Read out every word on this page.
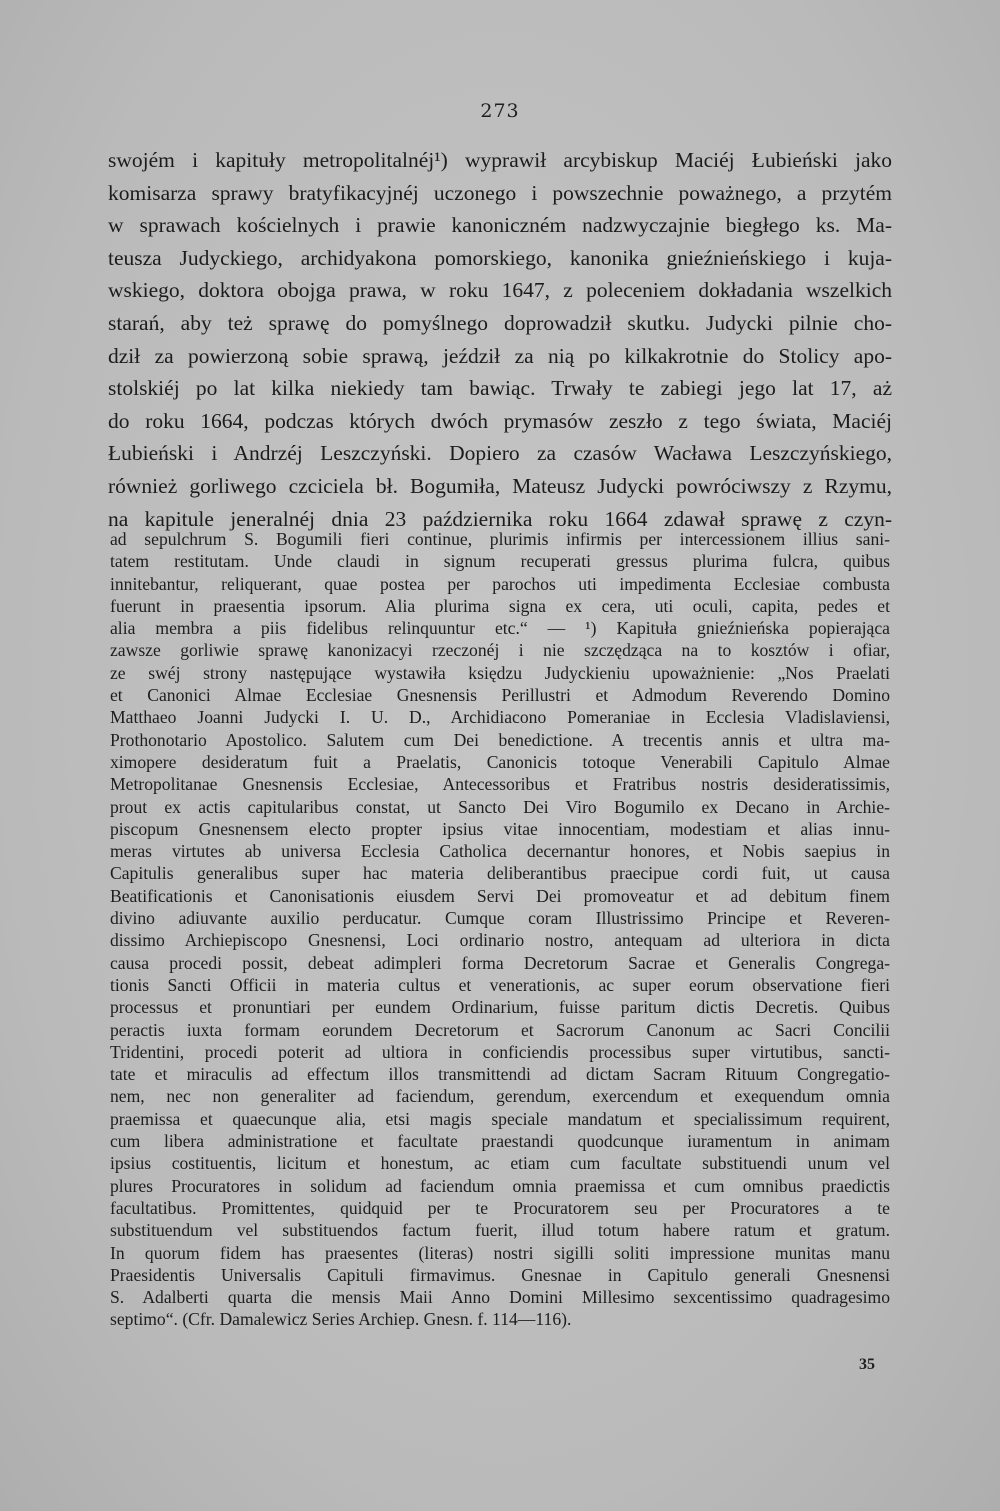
273
swojém i kapituły metropolitalnéj¹) wyprawił arcybiskup Maciéj Łubieński jako
komisarza sprawy bratyfikacyjnéj uczonego i powszechnie poważnego, a przytém
w sprawach kościelnych i prawie kanoniczném nadzwyczajnie biegłego ks. Ma-
teusza Judyckiego, archidyakona pomorskiego, kanonika gnieźnieńskiego i kuja-
wskiego, doktora obojga prawa, w roku 1647, z poleceniem dokładania wszelkich
starań, aby też sprawę do pomyślnego doprowadził skutku. Judycki pilnie cho-
dził za powierzoną sobie sprawą, jeździł za nią po kilkakrotnie do Stolicy apo-
stolskiéj po lat kilka niekiedy tam bawiąc. Trwały te zabiegi jego lat 17, aż
do roku 1664, podczas których dwóch prymasów zeszło z tego świata, Maciéj
Łubieński i Andrzéj Leszczyński. Dopiero za czasów Wacława Leszczyńskiego,
również gorliwego czciciela bł. Bogumiła, Mateusz Judycki powróciwszy z Rzymu,
na kapitule jeneralnéj dnia 23 października roku 1664 zdawał sprawę z czyn-
ad sepulchrum S. Bogumili fieri continue, plurimis infirmis per intercessionem illius sani-
tatem restitutam. Unde claudi in signum recuperati gressus plurima fulcra, quibus
innitebantur, reliquerant, quae postea per parochos uti impedimenta Ecclesiae combusta
fuerunt in praesentia ipsorum. Alia plurima signa ex cera, uti oculi, capita, pedes et
alia membra a piis fidelibus relinquuntur etc.“ — ¹) Kapituła gnieźnieńska popierająca
zawsze gorliwie sprawę kanonizacyi rzeczonéj i nie szczędząca na to kosztów i ofiar,
ze swéj strony następujące wystawiła księdzu Judyckieniu upoważnienie: „Nos Praelati
et Canonici Almae Ecclesiae Gnesnensis Perillustri et Admodum Reverendo Domino
Matthaeo Joanni Judycki I. U. D., Archidiacono Pomeraniae in Ecclesia Vladislaviensi,
Prothonotario Apostolico. Salutem cum Dei benedictione. A trecentis annis et ultra ma-
ximopere desideratum fuit a Praelatis, Canonicis totoque Venerabili Capitulo Almae
Metropolitanae Gnesnensis Ecclesiae, Antecessoribus et Fratribus nostris desideratissimis,
prout ex actis capitularibus constat, ut Sancto Dei Viro Bogumilo ex Decano in Archie-
piscopum Gnesnensem electo propter ipsius vitae innocentiam, modestiam et alias innu-
meras virtutes ab universa Ecclesia Catholica decernantur honores, et Nobis saepius in
Capitulis generalibus super hac materia deliberantibus praecipue cordi fuit, ut causa
Beatificationis et Canonisationis eiusdem Servi Dei promoveatur et ad debitum finem
divino adiuvante auxilio perducatur. Cumque coram Illustrissimo Principe et Reveren-
dissimo Archiepiscopo Gnesnensi, Loci ordinario nostro, antequam ad ulteriora in dicta
causa procedi possit, debeat adimpleri forma Decretorum Sacrae et Generalis Congrega-
tionis Sancti Officii in materia cultus et venerationis, ac super eorum observatione fieri
processus et pronuntiari per eundem Ordinarium, fuisse paritum dictis Decretis. Quibus
peractis iuxta formam eorundem Decretorum et Sacrorum Canonum ac Sacri Concilii
Tridentini, procedi poterit ad ultiora in conficiendis processibus super virtutibus, sancti-
tate et miraculis ad effectum illos transmittendi ad dictam Sacram Rituum Congregatio-
nem, nec non generaliter ad faciendum, gerendum, exercendum et exequendum omnia
praemissa et quaecunque alia, etsi magis speciale mandatum et specialissimum requirent,
cum libera administratione et facultate praestandi quodcunque iuramentum in animam
ipsius costituentis, licitum et honestum, ac etiam cum facultate substituendi unum vel
plures Procuratores in solidum ad faciendum omnia praemissa et cum omnibus praedictis
facultatibus. Promittentes, quidquid per te Procuratorem seu per Procuratores a te
substituendum vel substituendos factum fuerit, illud totum habere ratum et gratum.
In quorum fidem has praesentes (literas) nostri sigilli soliti impressione munitas manu
Praesidentis Universalis Capituli firmavimus. Gnesnae in Capitulo generali Gnesnensi
S. Adalberti quarta die mensis Maii Anno Domini Millesimo sexcentissimo quadragesimo
septimo“. (Cfr. Damalewicz Series Archiep. Gnesn. f. 114—116).
35
